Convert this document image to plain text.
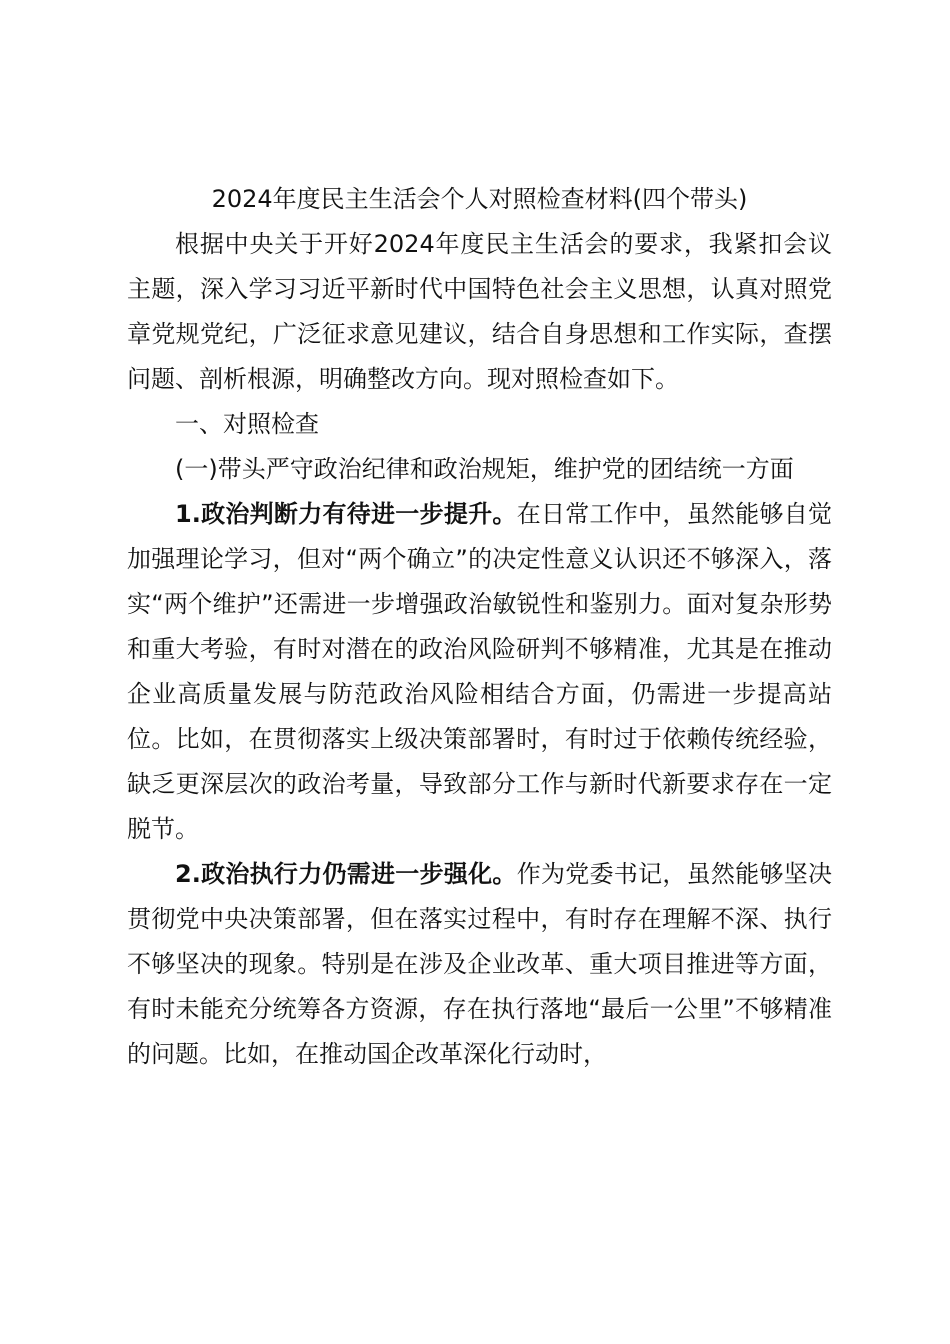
2024年度民主生活会个人对照检查材料(四个带头)

根据中央关于开好2024年度民主生活会的要求，我紧扣会议主题，深入学习习近平新时代中国特色社会主义思想，认真对照党章党规党纪，广泛征求意见建议，结合自身思想和工作实际，查摆问题、剖析根源，明确整改方向。现对照检查如下。

一、对照检查

(一)带头严守政治纪律和政治规矩，维护党的团结统一方面

1.政治判断力有待进一步提升。在日常工作中，虽然能够自觉加强理论学习，但对“两个确立”的决定性意义认识还不够深入，落实“两个维护”还需进一步增强政治敏锐性和鉴别力。面对复杂形势和重大考验，有时对潜在的政治风险研判不够精准，尤其是在推动企业高质量发展与防范政治风险相结合方面，仍需进一步提高站位。比如，在贯彻落实上级决策部署时，有时过于依赖传统经验，缺乏更深层次的政治考量，导致部分工作与新时代新要求存在一定脱节。

2.政治执行力仍需进一步强化。作为党委书记，虽然能够坚决贯彻党中央决策部署，但在落实过程中，有时存在理解不深、执行不够坚决的现象。特别是在涉及企业改革、重大项目推进等方面，有时未能充分统筹各方资源，存在执行落地“最后一公里”不够精准的问题。比如，在推动国企改革深化行动时，
